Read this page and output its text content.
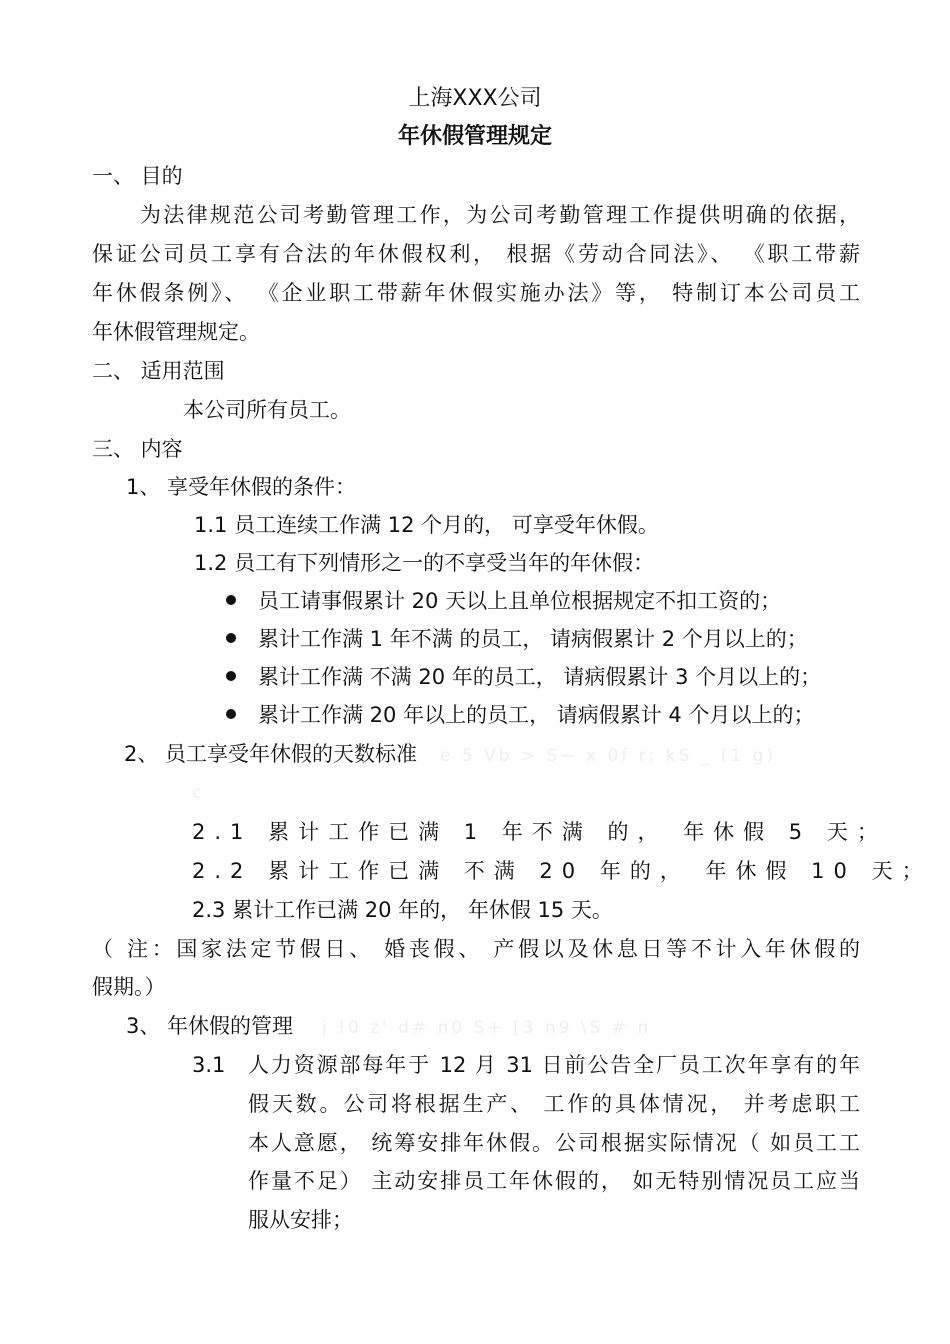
上海XXX公司
年休假管理规定
一、 目的
为法律规范公司考勤管理工作，为公司考勤管理工作提供明确的依据，
保证公司员工享有合法的年休假权利， 根据《劳动合同法》、 《职工带薪
年休假条例》、 《企业职工带薪年休假实施办法》等， 特制订本公司员工
年休假管理规定。
二、 适用范围
本公司所有员工。
三、 内容
1、 享受年休假的条件：
1.1 员工连续工作满 12 个月的， 可享受年休假。
1.2 员工有下列情形之一的不享受当年的年休假：
员工请事假累计 20 天以上且单位根据规定不扣工资的；
累计工作满 1 年不满 的员工， 请病假累计 2 个月以上的；
累计工作满 不满 20 年的员工， 请病假累计 3 个月以上的；
累计工作满 20 年以上的员工， 请病假累计 4 个月以上的；
2、 员工享受年休假的天数标准 e 5 Vb > S~ x 0f r; kS _ (1 g)
c
2.1 累计工作已满 1 年不满 的， 年休假 5 天；
2.2 累计工作已满 不满 20 年的， 年休假 10 天；
2.3 累计工作已满 20 年的， 年休假 15 天。
（ 注：国家法定节假日、 婚丧假、 产假以及休息日等不计入年休假的
假期。）
3、 年休假的管理 j !0 z' d# n0 S+ [3 n9 \S # n
3.1 人力资源部每年于 12 月 31 日前公告全厂员工次年享有的年
假天数。公司将根据生产、 工作的具体情况， 并考虑职工
本人意愿， 统筹安排年休假。公司根据实际情况（ 如员工工
作量不足） 主动安排员工年休假的， 如无特别情况员工应当
服从安排；
